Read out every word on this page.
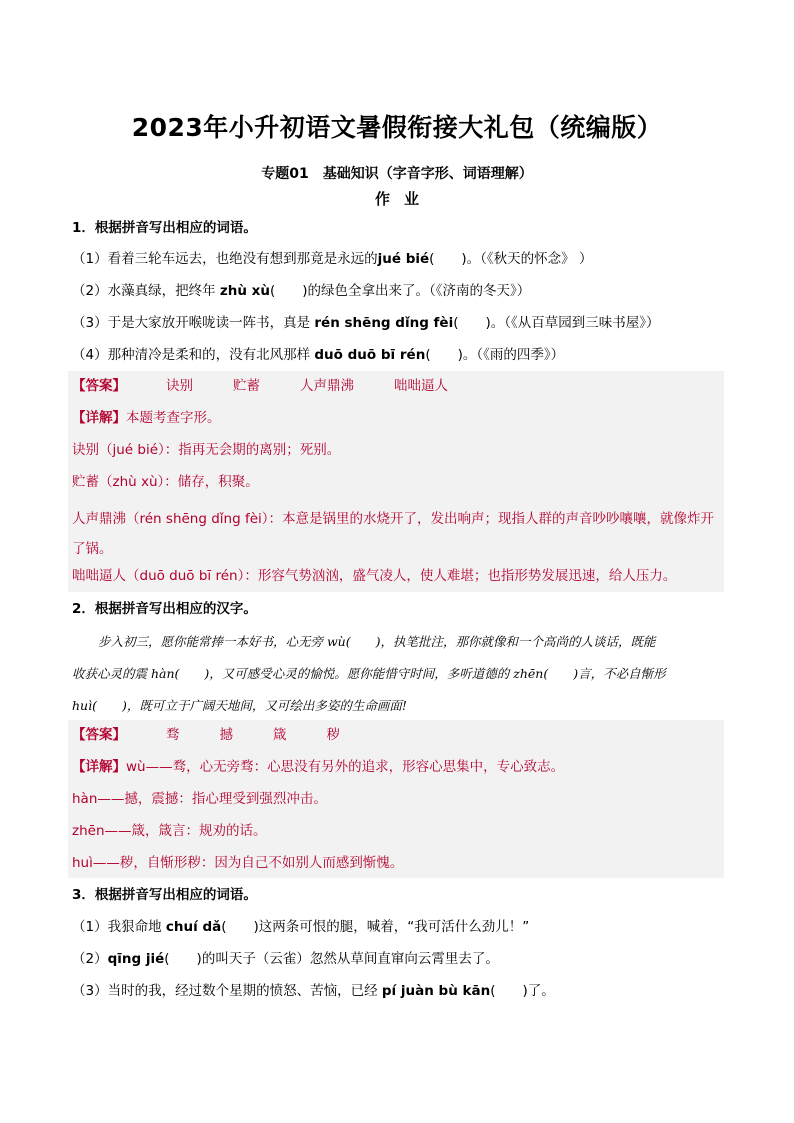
2023年小升初语文暑假衔接大礼包（统编版）
专题01　基础知识（字音字形、词语理解）
作业
1．根据拼音写出相应的词语。
（1）看着三轮车远去，也绝没有想到那竟是永远的jué bié(　　)。（《秋天的怀念》 ）
（2）水藻真绿，把终年 zhù xù(　　)的绿色全拿出来了。（《济南的冬天》）
（3）于是大家放开喉咙读一阵书，真是 rén shēng dǐng fèi(　　)。（《从百草园到三味书屋》）
（4）那种清冷是柔和的，没有北风那样 duō duō bī rén(　　)。（《雨的四季》）
【答案】	诀别	贮蓄	人声鼎沸	咄咄逼人
【详解】本题考查字形。
诀别（jué bié）：指再无会期的离别；死别。
贮蓄（zhù xù）：储存，积聚。
人声鼎沸（rén shēng dǐng fèi）：本意是锅里的水烧开了，发出响声；现指人群的声音吵吵嚷嚷，就像炸开了锅。
咄咄逼人（duō duō bī rén）：形容气势汹汹，盛气凌人，使人难堪；也指形势发展迅速，给人压力。
2．根据拼音写出相应的汉字。

步入初三，愿你能常捧一本好书，心无旁 wù(　　)，执笔批注，那你就像和一个高尚的人谈话，既能

收获心灵的震 hàn(　　)，又可感受心灵的愉悦。愿你能惜守时间，多听道德的 zhēn(　　)言，不必自惭形

huì(　　)，既可立于广阔天地间，又可绘出多姿的生命画面!

【答案】	骛	撼	箴	秽
【详解】wù——骛，心无旁骛：心思没有另外的追求，形容心思集中，专心致志。
hàn——撼，震撼：指心理受到强烈冲击。
zhēn——箴，箴言：规劝的话。
huì——秽，自惭形秽：因为自己不如别人而感到惭愧。
3．根据拼音写出相应的词语。
（1）我狠命地 chuí dǎ(　　)这两条可恨的腿，喊着，“我可活什么劲儿！”
（2）qīng jié(　　)的叫天子（云雀）忽然从草间直窜向云霄里去了。
（3）当时的我，经过数个星期的愤怒、苦恼，已经 pí juàn bù kān(　　)了。
